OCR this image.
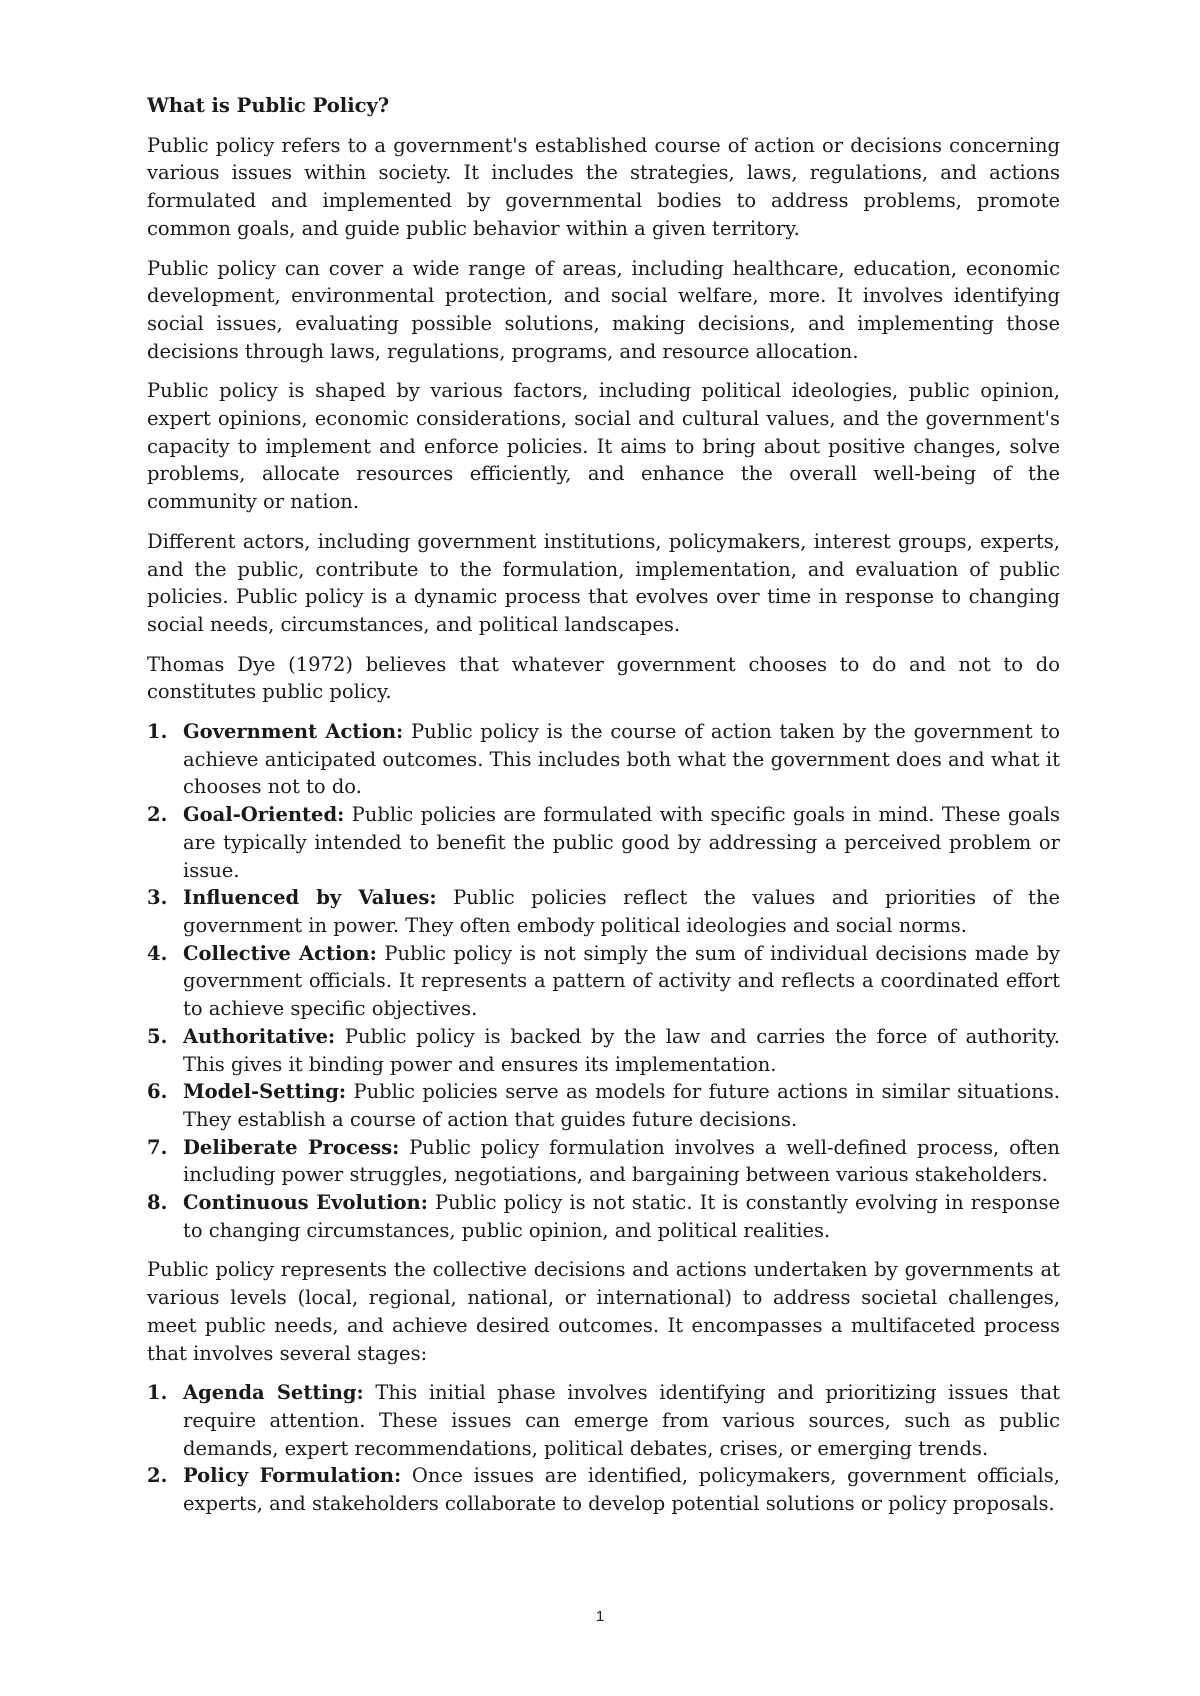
What is Public Policy?

Public policy refers to a government's established course of action or decisions concerning various issues within society. It includes the strategies, laws, regulations, and actions formulated and implemented by governmental bodies to address problems, promote common goals, and guide public behavior within a given territory.

Public policy can cover a wide range of areas, including healthcare, education, economic development, environmental protection, and social welfare, more. It involves identifying social issues, evaluating possible solutions, making decisions, and implementing those decisions through laws, regulations, programs, and resource allocation.

Public policy is shaped by various factors, including political ideologies, public opinion, expert opinions, economic considerations, social and cultural values, and the government's capacity to implement and enforce policies. It aims to bring about positive changes, solve problems, allocate resources efficiently, and enhance the overall well-being of the community or nation.

Different actors, including government institutions, policymakers, interest groups, experts, and the public, contribute to the formulation, implementation, and evaluation of public policies. Public policy is a dynamic process that evolves over time in response to changing social needs, circumstances, and political landscapes.

Thomas Dye (1972) believes that whatever government chooses to do and not to do constitutes public policy.

1. Government Action: Public policy is the course of action taken by the government to achieve anticipated outcomes. This includes both what the government does and what it chooses not to do.
2. Goal-Oriented: Public policies are formulated with specific goals in mind. These goals are typically intended to benefit the public good by addressing a perceived problem or issue.
3. Influenced by Values: Public policies reflect the values and priorities of the government in power. They often embody political ideologies and social norms.
4. Collective Action: Public policy is not simply the sum of individual decisions made by government officials. It represents a pattern of activity and reflects a coordinated effort to achieve specific objectives.
5. Authoritative: Public policy is backed by the law and carries the force of authority. This gives it binding power and ensures its implementation.
6. Model-Setting: Public policies serve as models for future actions in similar situations. They establish a course of action that guides future decisions.
7. Deliberate Process: Public policy formulation involves a well-defined process, often including power struggles, negotiations, and bargaining between various stakeholders.
8. Continuous Evolution: Public policy is not static. It is constantly evolving in response to changing circumstances, public opinion, and political realities.

Public policy represents the collective decisions and actions undertaken by governments at various levels (local, regional, national, or international) to address societal challenges, meet public needs, and achieve desired outcomes. It encompasses a multifaceted process that involves several stages:

1. Agenda Setting: This initial phase involves identifying and prioritizing issues that require attention. These issues can emerge from various sources, such as public demands, expert recommendations, political debates, crises, or emerging trends.
2. Policy Formulation: Once issues are identified, policymakers, government officials, experts, and stakeholders collaborate to develop potential solutions or policy proposals.
1
